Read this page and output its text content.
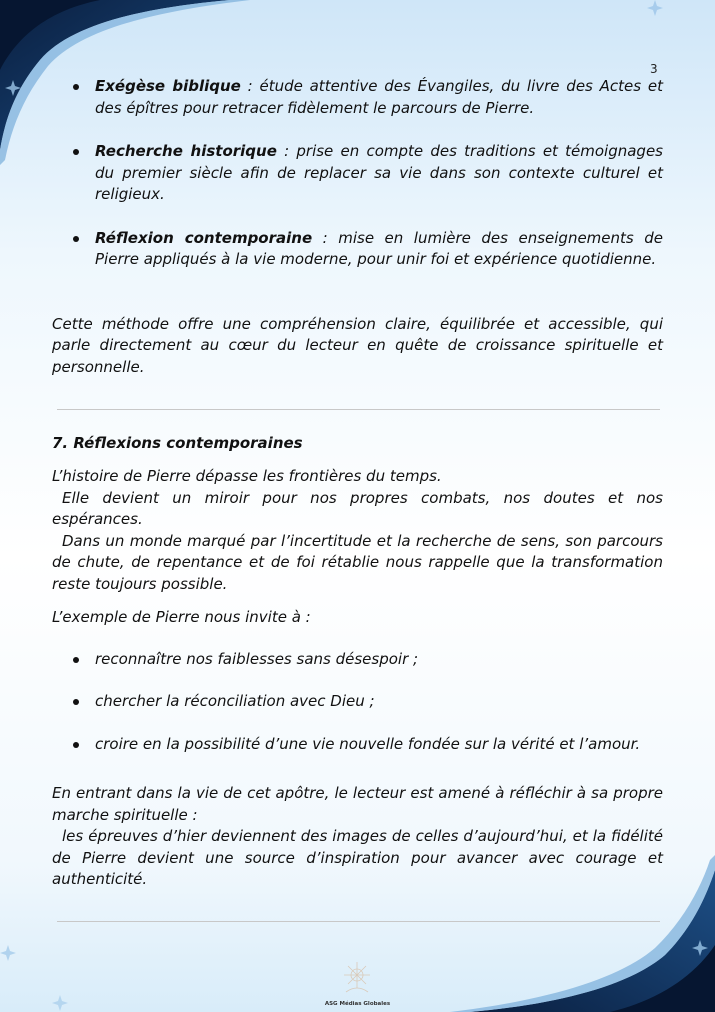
3
Exégèse biblique : étude attentive des Évangiles, du livre des Actes et des épîtres pour retracer fidèlement le parcours de Pierre.
Recherche historique : prise en compte des traditions et témoignages du premier siècle afin de replacer sa vie dans son contexte culturel et religieux.
Réflexion contemporaine : mise en lumière des enseignements de Pierre appliqués à la vie moderne, pour unir foi et expérience quotidienne.

Cette méthode offre une compréhension claire, équilibrée et accessible, qui parle directement au cœur du lecteur en quête de croissance spirituelle et personnelle.

7. Réflexions contemporaines
L’histoire de Pierre dépasse les frontières du temps.
Elle devient un miroir pour nos propres combats, nos doutes et nos espérances.
Dans un monde marqué par l’incertitude et la recherche de sens, son parcours de chute, de repentance et de foi rétablie nous rappelle que la transformation reste toujours possible.

L’exemple de Pierre nous invite à :

reconnaître nos faiblesses sans désespoir ;
chercher la réconciliation avec Dieu ;
croire en la possibilité d’une vie nouvelle fondée sur la vérité et l’amour.
En entrant dans la vie de cet apôtre, le lecteur est amené à réfléchir à sa propre marche spirituelle :
les épreuves d’hier deviennent des images de celles d’aujourd’hui, et la fidélité de Pierre devient une source d’inspiration pour avancer avec courage et authenticité.
ASG Médias Globales
